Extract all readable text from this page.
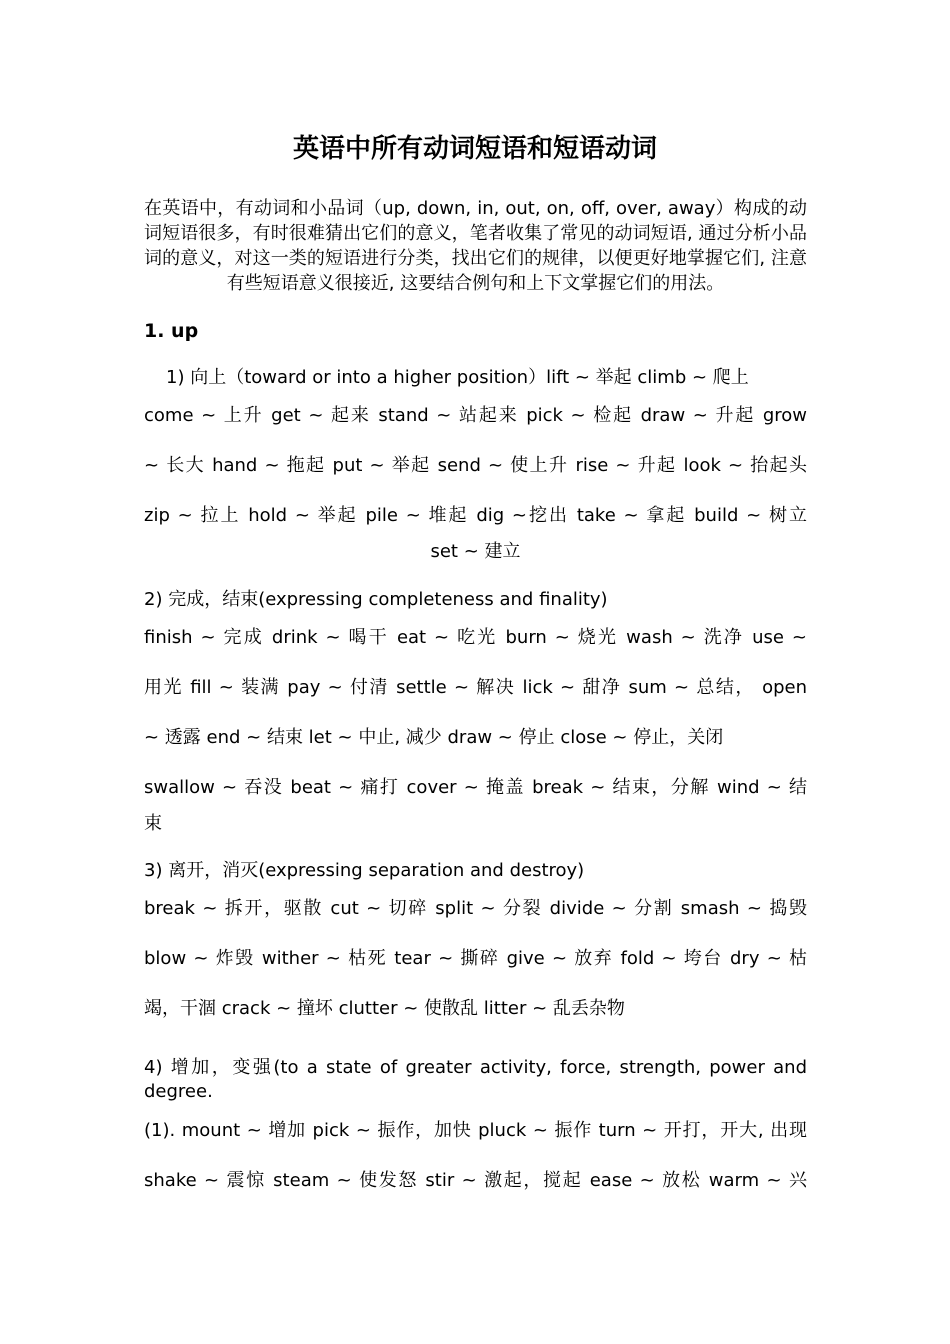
英语中所有动词短语和短语动词
在英语中，有动词和小品词（up, down, in, out, on, off, over, away）构成的动词短语很多，有时很难猜出它们的意义，笔者收集了常见的动词短语, 通过分析小品词的意义，对这一类的短语进行分类，找出它们的规律，以便更好地掌握它们, 注意有些短语意义很接近, 这要结合例句和上下文掌握它们的用法。
1. up
1) 向上（toward or into a higher position）lift ~ 举起 climb ~ 爬上
come ~ 上升 get ~ 起来 stand ~ 站起来 pick ~ 检起 draw ~ 升起 grow
~ 长大 hand ~ 拖起 put ~ 举起 send ~ 使上升 rise ~ 升起 look ~ 抬起头
zip ~ 拉上 hold ~ 举起 pile ~ 堆起 dig ~挖出 take ~ 拿起 build ~ 树立
set ~ 建立
2) 完成，结束(expressing completeness and finality)
finish ~ 完成 drink ~ 喝干 eat ~ 吃光 burn ~ 烧光 wash ~ 洗净 use ~
用光 fill ~ 装满 pay ~ 付清 settle ~ 解决 lick ~ 甜净 sum ~ 总结， open
~ 透露 end ~ 结束 let ~ 中止, 减少 draw ~ 停止 close ~ 停止，关闭
swallow ~ 吞没 beat ~ 痛打 cover ~ 掩盖 break ~ 结束，分解 wind ~ 结
束
3) 离开，消灭(expressing separation and destroy)
break ~ 拆开，驱散 cut ~ 切碎 split ~ 分裂 divide ~ 分割 smash ~ 捣毁
blow ~ 炸毁 wither ~ 枯死 tear ~ 撕碎 give ~ 放弃 fold ~ 垮台 dry ~ 枯
竭，干涸 crack ~ 撞坏 clutter ~ 使散乱 litter ~ 乱丢杂物
4) 增加，变强(to a state of greater activity, force, strength, power and
degree.
(1). mount ~ 增加 pick ~ 振作，加快 pluck ~ 振作 turn ~ 开打，开大, 出现
shake ~ 震惊 steam ~ 使发怒 stir ~ 激起，搅起 ease ~ 放松 warm ~ 兴
